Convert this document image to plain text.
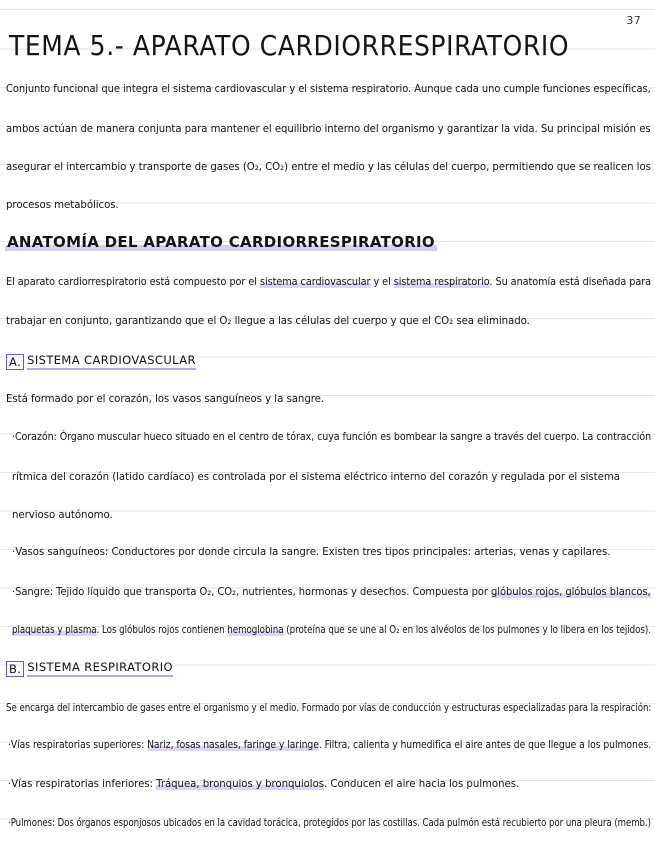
37
TEMA 5.- APARATO CARDIORRESPIRATORIO
Conjunto funcional que integra el sistema cardiovascular y el sistema respiratorio. Aunque cada uno cumple funciones específicas,
ambos actúan de manera conjunta para mantener el equilibrio interno del organismo y garantizar la vida. Su principal misión es
asegurar el intercambio y transporte de gases (O₂, CO₂) entre el medio y las células del cuerpo, permitiendo que se realicen los
procesos metabólicos.
ANATOMÍA DEL APARATO CARDIORRESPIRATORIO
El aparato cardiorrespiratorio está compuesto por el sistema cardiovascular y el sistema respiratorio. Su anatomía está diseñada para
trabajar en conjunto, garantizando que el O₂ llegue a las células del cuerpo y que el CO₂ sea eliminado.
A. SISTEMA CARDIOVASCULAR
Está formado por el corazón, los vasos sanguíneos y la sangre.
·Corazón: Órgano muscular hueco situado en el centro de tórax, cuya función es bombear la sangre a través del cuerpo. La contracción
rítmica del corazón (latido cardíaco) es controlada por el sistema eléctrico interno del corazón y regulada por el sistema
nervioso autónomo.
·Vasos sanguíneos: Conductores por donde circula la sangre. Existen tres tipos principales: arterias, venas y capilares.
·Sangre: Tejido líquido que transporta O₂, CO₂, nutrientes, hormonas y desechos. Compuesta por glóbulos rojos, glóbulos blancos,
plaquetas y plasma. Los glóbulos rojos contienen hemoglobina (proteína que se une al O₂ en los alvéolos de los pulmones y lo libera en los tejidos).
B. SISTEMA RESPIRATORIO
Se encarga del intercambio de gases entre el organismo y el medio. Formado por vías de conducción y estructuras especializadas para la respiración:
·Vías respiratorias superiores: Nariz, fosas nasales, faringe y laringe. Filtra, calienta y humedifica el aire antes de que llegue a los pulmones.
·Vías respiratorias inferiores: Tráquea, bronquios y bronquiolos. Conducen el aire hacia los pulmones.
·Pulmones: Dos órganos esponjosos ubicados en la cavidad torácica, protegidos por las costillas. Cada pulmón está recubierto por una pleura (memb.)
